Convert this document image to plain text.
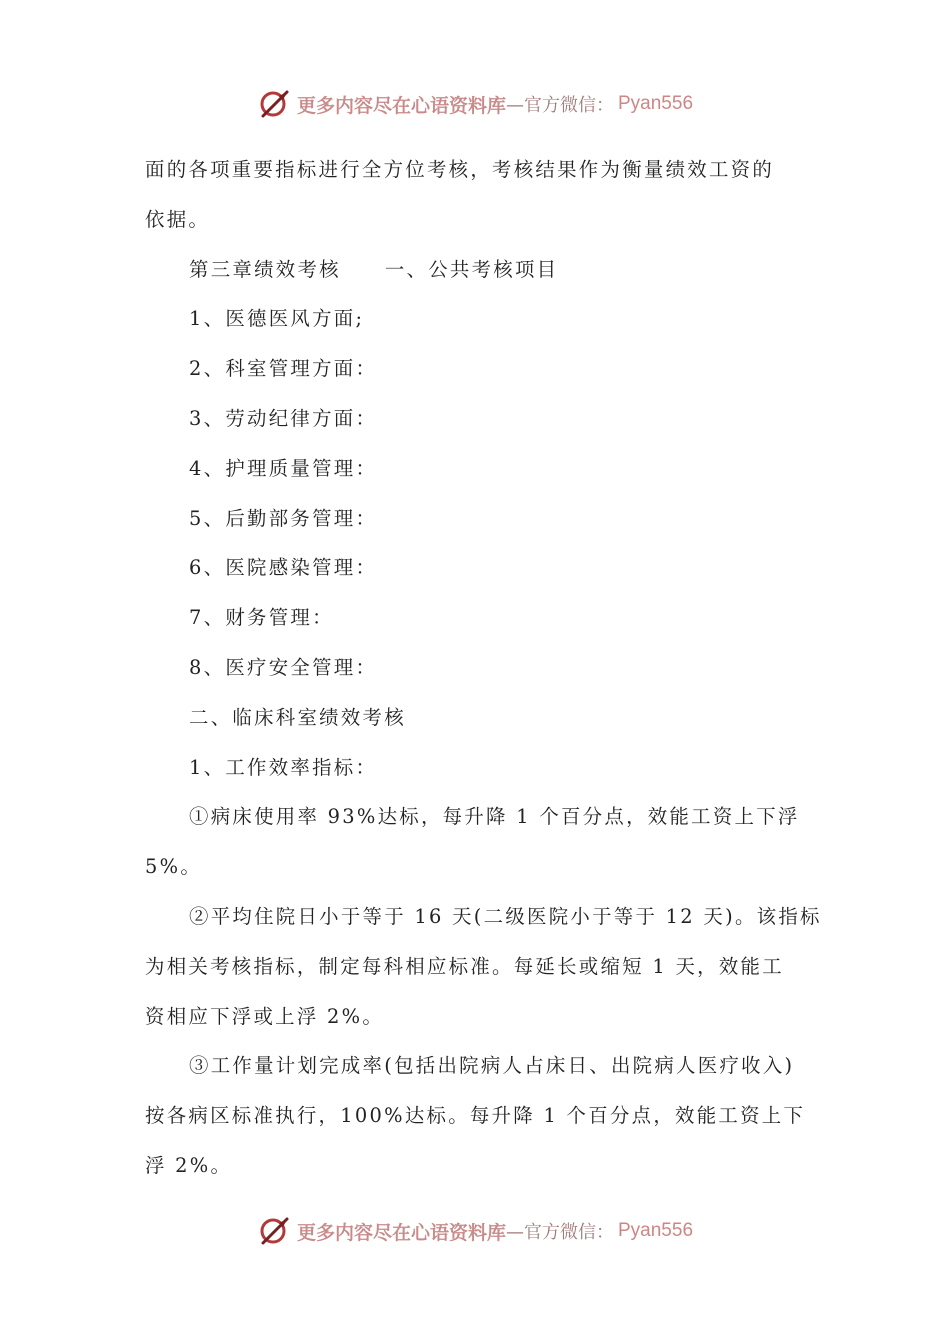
更多内容尽在心语资料库 —官方微信： Pyan556
面的各项重要指标进行全方位考核，考核结果作为衡量绩效工资的
依据。
第三章绩效考核 一、公共考核项目
1、医德医风方面;
2、科室管理方面：
3、劳动纪律方面：
4、护理质量管理：
5、后勤部务管理：
6、医院感染管理：
7、财务管理：
8、医疗安全管理：
二、临床科室绩效考核
1、工作效率指标：
①病床使用率 93%达标，每升降 1 个百分点，效能工资上下浮
5%。
②平均住院日小于等于 16 天(二级医院小于等于 12 天)。该指标
为相关考核指标，制定每科相应标准。每延长或缩短 1 天，效能工
资相应下浮或上浮 2%。
③工作量计划完成率(包括出院病人占床日、出院病人医疗收入)
按各病区标准执行，100%达标。每升降 1 个百分点，效能工资上下
浮 2%。
更多内容尽在心语资料库 —官方微信： Pyan556
